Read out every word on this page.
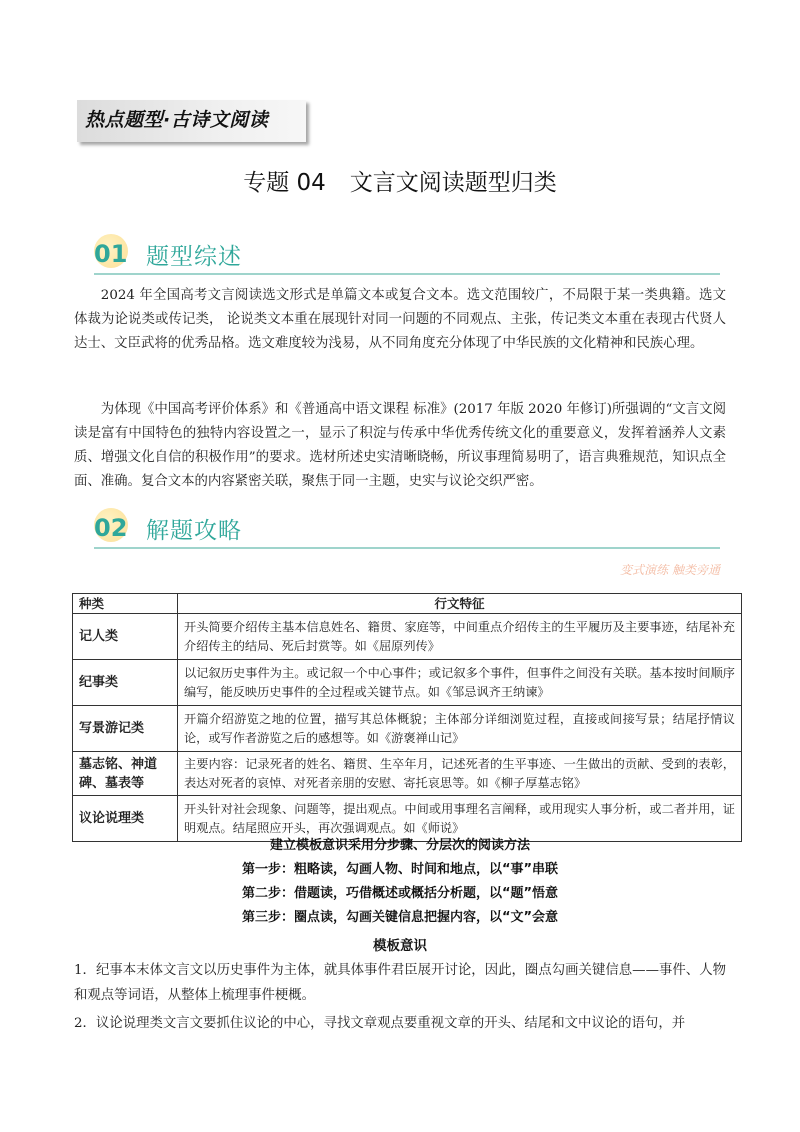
热点题型·古诗文阅读
专题 04 文言文阅读题型归类
01 题型综述

2024 年全国高考文言阅读选文形式是单篇文本或复合文本。选文范围较广，不局限于某一类典籍。选文体裁为论说类或传记类， 论说类文本重在展现针对同一问题的不同观点、主张，传记类文本重在表现古代贤人达士、文臣武将的优秀品格。选文难度较为浅易，从不同角度充分体现了中华民族的文化精神和民族心理。

为体现《中国高考评价体系》和《普通高中语文课程 标准》(2017 年版 2020 年修订)所强调的“文言文阅读是富有中国特色的独特内容设置之一，显示了积淀与传承中华优秀传统文化的重要意义，发挥着涵养人文素质、增强文化自信的积极作用”的要求。选材所述史实清晰晓畅，所议事理简易明了，语言典雅规范，知识点全面、准确。复合文本的内容紧密关联，聚焦于同一主题，史实与议论交织严密。

02 解题攻略
变式演练 触类旁通
种类	行文特征
记人类	开头简要介绍传主基本信息姓名、籍贯、家庭等，中间重点介绍传主的生平履历及主要事迹，结尾补充介绍传主的结局、死后封赏等。如《屈原列传》
纪事类	以记叙历史事件为主。或记叙一个中心事件；或记叙多个事件，但事件之间没有关联。基本按时间顺序编写，能反映历史事件的全过程或关键节点。如《邹忌讽齐王纳谏》
写景游记类	开篇介绍游览之地的位置，描写其总体概貌；主体部分详细浏览过程，直接或间接写景；结尾抒情议论，或写作者游览之后的感想等。如《游褒禅山记》
墓志铭、神道碑、墓表等	主要内容：记录死者的姓名、籍贯、生卒年月，记述死者的生平事迹、一生做出的贡献、受到的表彰，表达对死者的哀悼、对死者亲朋的安慰、寄托哀思等。如《柳子厚墓志铭》
议论说理类	开头针对社会现象、问题等，提出观点。中间或用事理名言阐释，或用现实人事分析，或二者并用，证明观点。结尾照应开头，再次强调观点。如《师说》
建立模板意识采用分步骤、分层次的阅读方法
第一步：粗略读，勾画人物、时间和地点，以“事”串联
第二步：借题读，巧借概述或概括分析题，以“题”悟意
第三步：圈点读，勾画关键信息把握内容，以“文”会意
模板意识

1．纪事本末体文言文以历史事件为主体，就具体事件君臣展开讨论，因此，圈点勾画关键信息——事件、人物和观点等词语，从整体上梳理事件梗概。

2．议论说理类文言文要抓住议论的中心，寻找文章观点要重视文章的开头、结尾和文中议论的语句，并
